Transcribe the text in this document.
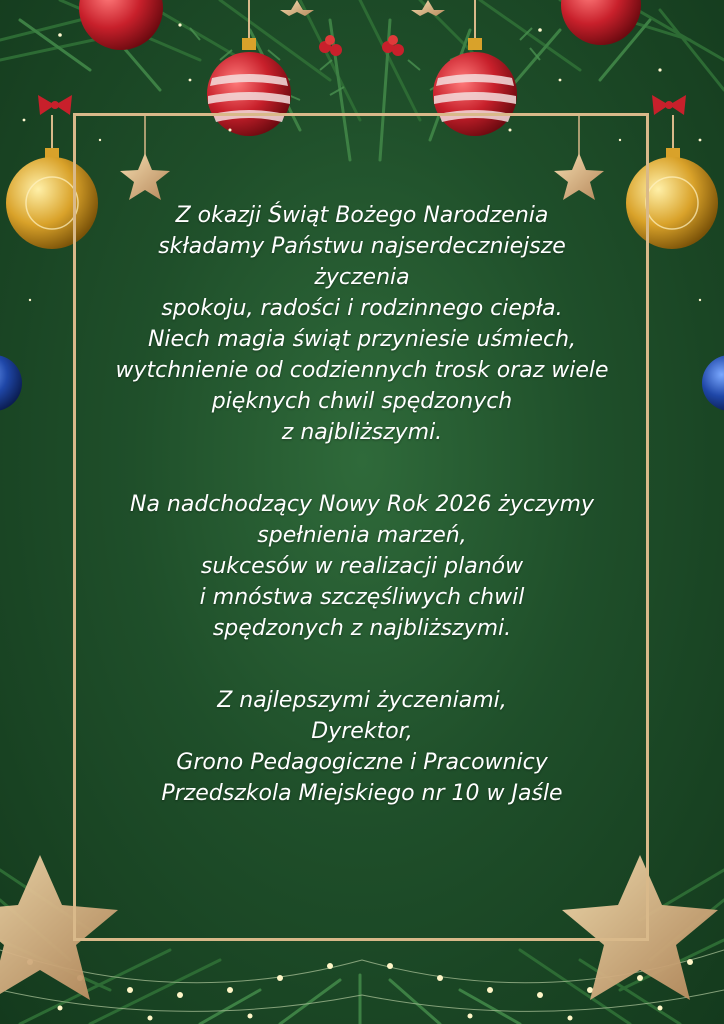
Z okazji Świąt Bożego Narodzenia
składamy Państwu najserdeczniejsze
życzenia
spokoju, radości i rodzinnego ciepła.
Niech magia świąt przyniesie uśmiech,
wytchnienie od codziennych trosk oraz wiele
pięknych chwil spędzonych
z najbliższymi.
Na nadchodzący Nowy Rok 2026 życzymy
spełnienia marzeń,
sukcesów w realizacji planów
i mnóstwa szczęśliwych chwil
spędzonych z najbliższymi.
Z najlepszymi życzeniami,
Dyrektor,
Grono Pedagogiczne i Pracownicy
Przedszkola Miejskiego nr 10 w Jaśle
